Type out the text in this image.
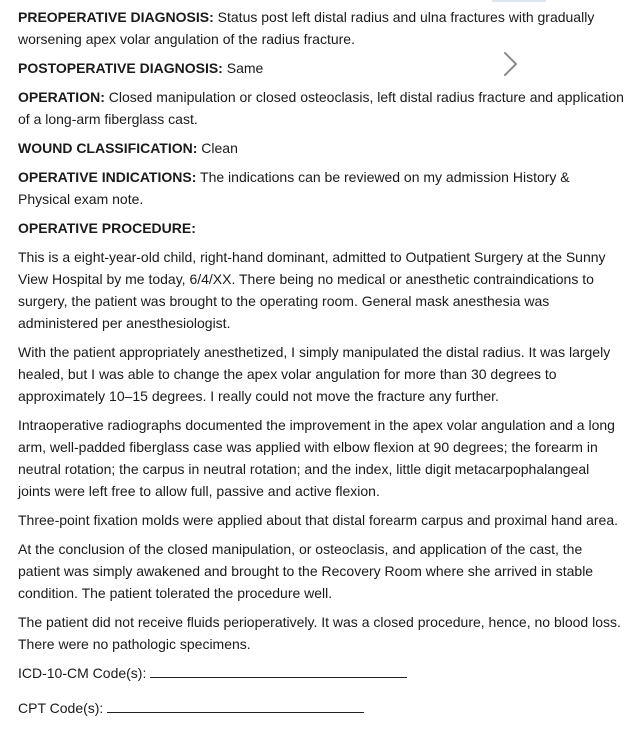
PREOPERATIVE DIAGNOSIS: Status post left distal radius and ulna fractures with gradually worsening apex volar angulation of the radius fracture.

POSTOPERATIVE DIAGNOSIS: Same

OPERATION: Closed manipulation or closed osteoclasis, left distal radius fracture and application of a long-arm fiberglass cast.

WOUND CLASSIFICATION: Clean

OPERATIVE INDICATIONS: The indications can be reviewed on my admission History & Physical exam note.

OPERATIVE PROCEDURE:

This is a eight-year-old child, right-hand dominant, admitted to Outpatient Surgery at the Sunny View Hospital by me today, 6/4/XX. There being no medical or anesthetic contraindications to surgery, the patient was brought to the operating room. General mask anesthesia was administered per anesthesiologist.

With the patient appropriately anesthetized, I simply manipulated the distal radius. It was largely healed, but I was able to change the apex volar angulation for more than 30 degrees to approximately 10–15 degrees. I really could not move the fracture any further.

Intraoperative radiographs documented the improvement in the apex volar angulation and a long arm, well-padded fiberglass case was applied with elbow flexion at 90 degrees; the forearm in neutral rotation; the carpus in neutral rotation; and the index, little digit metacarpophalangeal joints were left free to allow full, passive and active flexion.

Three-point fixation molds were applied about that distal forearm carpus and proximal hand area.

At the conclusion of the closed manipulation, or osteoclasis, and application of the cast, the patient was simply awakened and brought to the Recovery Room where she arrived in stable condition. The patient tolerated the procedure well.

The patient did not receive fluids perioperatively. It was a closed procedure, hence, no blood loss. There were no pathologic specimens.

ICD-10-CM Code(s):
CPT Code(s):
